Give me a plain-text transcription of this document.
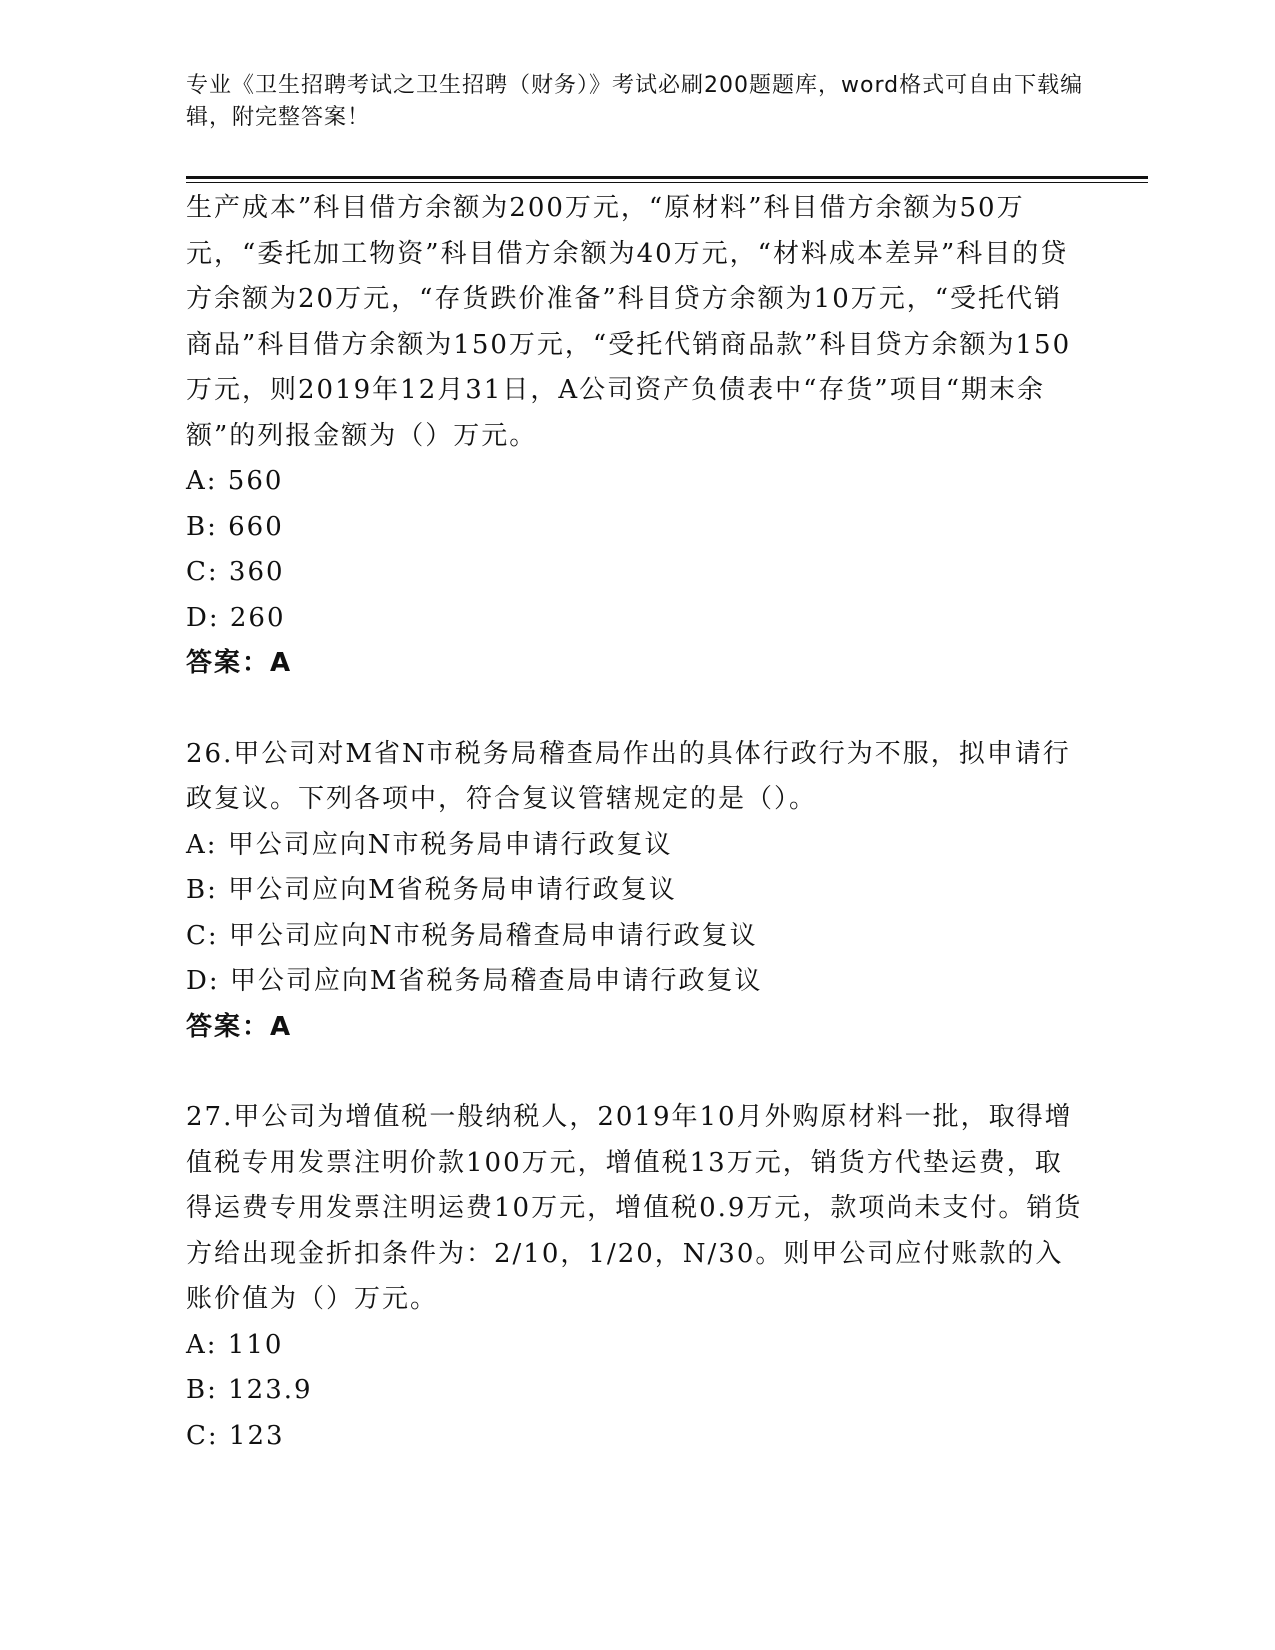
专业《卫生招聘考试之卫生招聘（财务）》考试必刷200题题库，word格式可自由下载编辑，附完整答案！

生产成本”科目借方余额为200万元，“原材料”科目借方余额为50万元，“委托加工物资”科目借方余额为40万元，“材料成本差异”科目的贷方余额为20万元，“存货跌价准备”科目贷方余额为10万元，“受托代销商品”科目借方余额为150万元，“受托代销商品款”科目贷方余额为150万元，则2019年12月31日，A公司资产负债表中“存货”项目“期末余额”的列报金额为（）万元。

A: 560

B: 660

C: 360

D: 260

答案：A

26.甲公司对M省N市税务局稽查局作出的具体行政行为不服，拟申请行政复议。下列各项中，符合复议管辖规定的是（）。

A: 甲公司应向N市税务局申请行政复议

B: 甲公司应向M省税务局申请行政复议

C: 甲公司应向N市税务局稽查局申请行政复议

D: 甲公司应向M省税务局稽查局申请行政复议

答案：A

27.甲公司为增值税一般纳税人，2019年10月外购原材料一批，取得增值税专用发票注明价款100万元，增值税13万元，销货方代垫运费，取得运费专用发票注明运费10万元，增值税0.9万元，款项尚未支付。销货方给出现金折扣条件为：2/10，1/20，N/30。则甲公司应付账款的入账价值为（）万元。

A: 110

B: 123.9

C: 123
